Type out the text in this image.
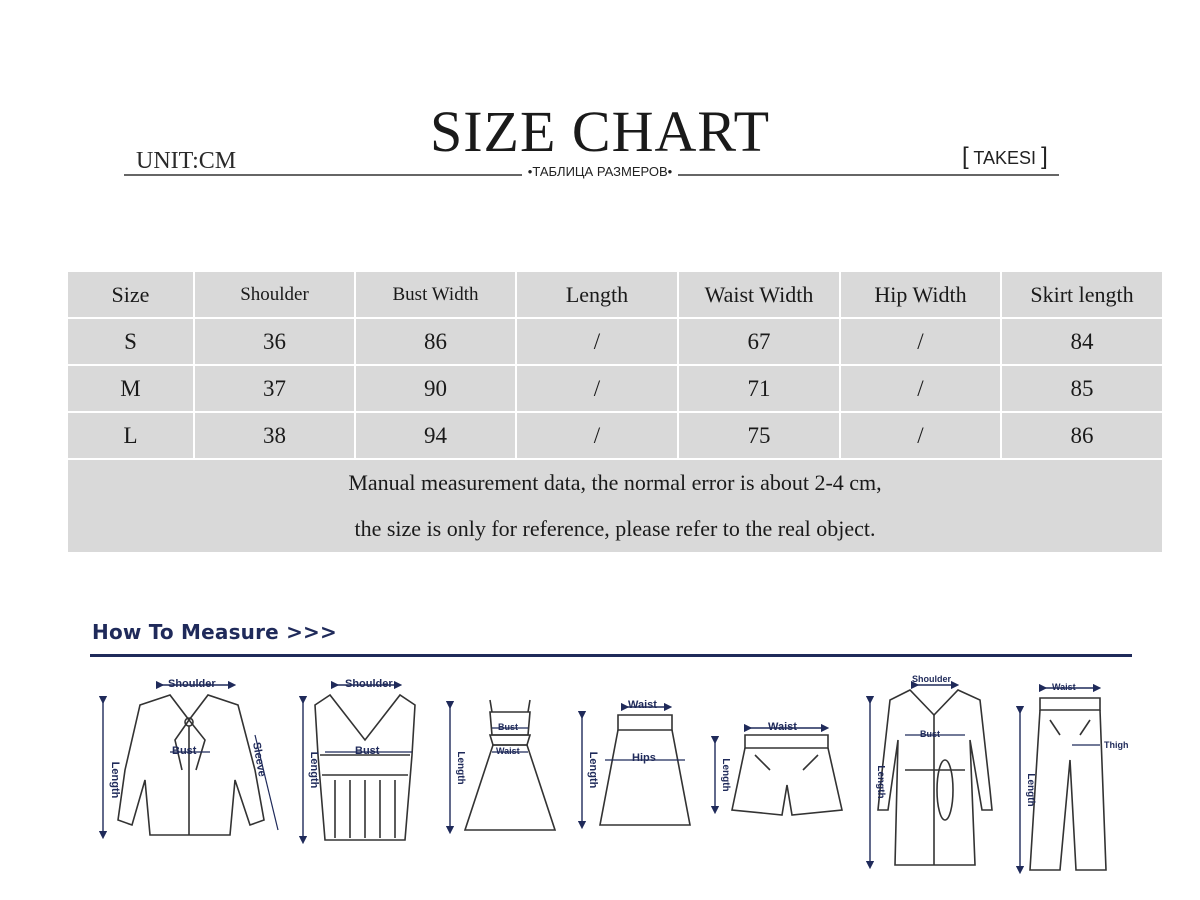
SIZE CHART
UNIT:CM	[ TAKESI ]
•ТАБЛИЦА РАЗМЕРОВ•
Size	Shoulder	Bust Width	Length	Waist Width	Hip Width	Skirt length
S	36	86	/	67	/	84
M	37	90	/	71	/	85
L	38	94	/	75	/	86

Manual measurement data, the normal error is about 2-4 cm,
the size is only for reference, please refer to the real object.						
How To Measure >>>
Shoulder
Bust
Length
Sleeve
Shoulder
Bust
Length
Bust
Waist
Length
Waist
Hips
Length
Waist
Length
Shoulder
Bust
Length
Waist
Thigh
Length
